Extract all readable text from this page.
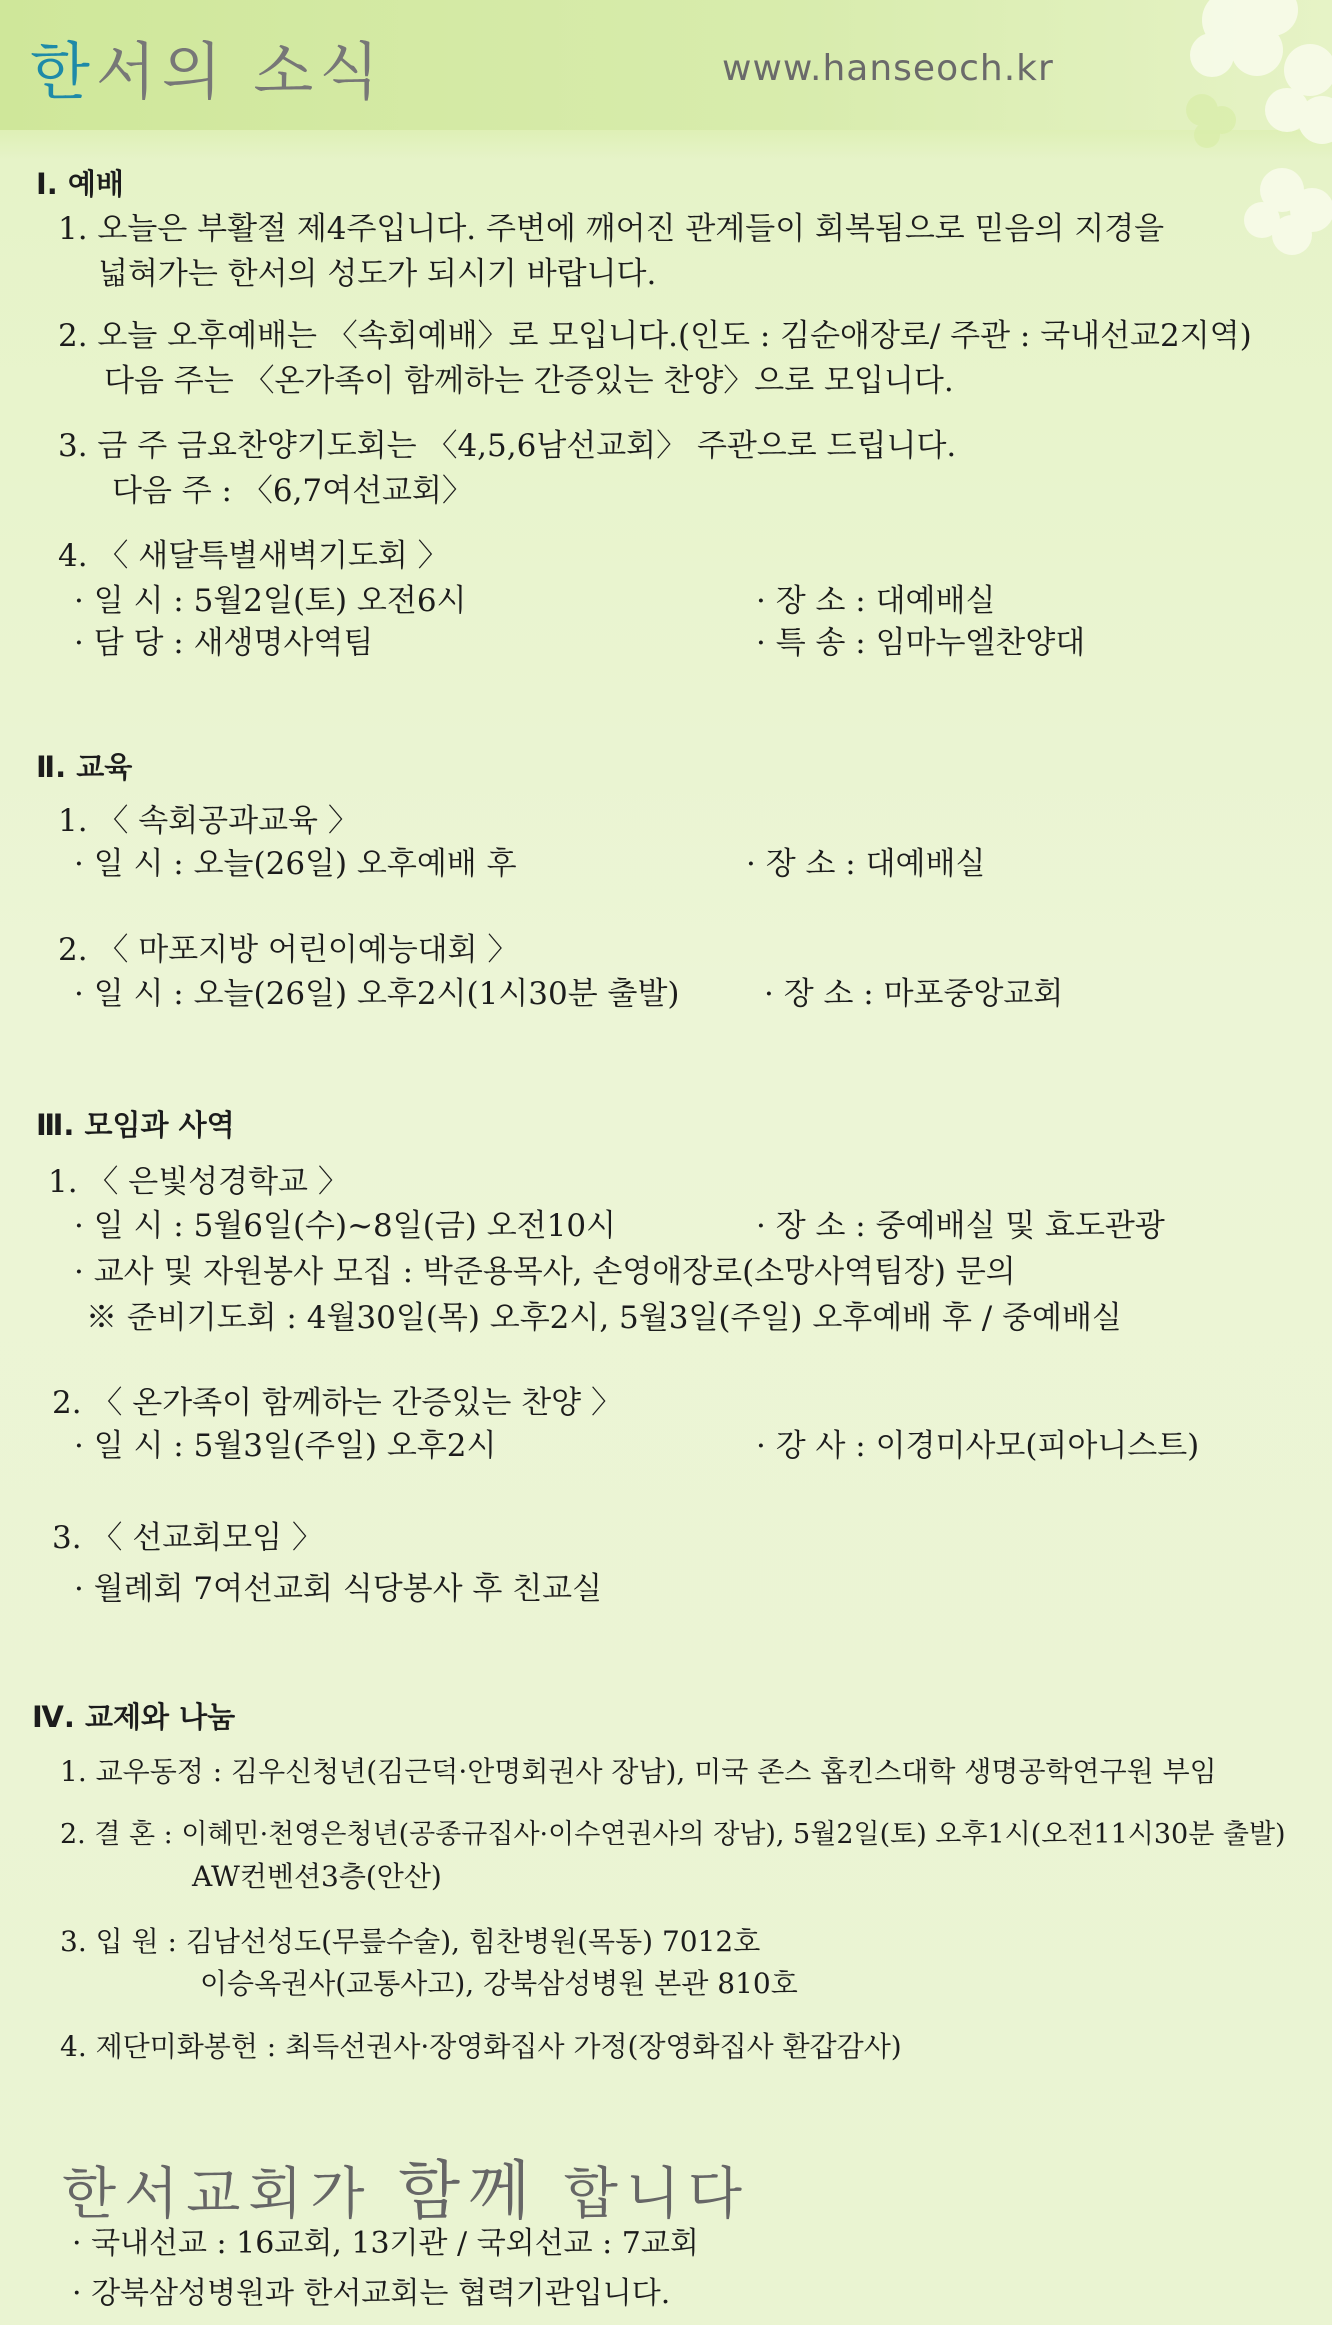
한서의 소식	www.hanseoch.kr
Ⅰ. 예배
1. 오늘은 부활절 제4주입니다. 주변에 깨어진 관계들이 회복됨으로 믿음의 지경을
넓혀가는 한서의 성도가 되시기 바랍니다.
2. 오늘 오후예배는 〈속회예배〉로 모입니다.(인도 : 김순애장로/ 주관 : 국내선교2지역)
다음 주는 〈온가족이 함께하는 간증있는 찬양〉으로 모입니다.
3. 금 주 금요찬양기도회는 〈4,5,6남선교회〉 주관으로 드립니다.
다음 주 : 〈6,7여선교회〉
4. 〈 새달특별새벽기도회 〉
· 일 시 : 5월2일(토) 오전6시	· 장 소 : 대예배실
· 담 당 : 새생명사역팀	· 특 송 : 임마누엘찬양대
Ⅱ. 교육
1. 〈 속회공과교육 〉
· 일 시 : 오늘(26일) 오후예배 후	· 장 소 : 대예배실
2. 〈 마포지방 어린이예능대회 〉
· 일 시 : 오늘(26일) 오후2시(1시30분 출발)	· 장 소 : 마포중앙교회
Ⅲ. 모임과 사역
1. 〈 은빛성경학교 〉
· 일 시 : 5월6일(수)~8일(금) 오전10시	· 장 소 : 중예배실 및 효도관광
· 교사 및 자원봉사 모집 : 박준용목사, 손영애장로(소망사역팀장) 문의
※ 준비기도회 : 4월30일(목) 오후2시, 5월3일(주일) 오후예배 후 / 중예배실
2. 〈 온가족이 함께하는 간증있는 찬양 〉
· 일 시 : 5월3일(주일) 오후2시	· 강 사 : 이경미사모(피아니스트)
3. 〈 선교회모임 〉
· 월례회 7여선교회 식당봉사 후 친교실
Ⅳ. 교제와 나눔
1. 교우동정 : 김우신청년(김근덕·안명회권사 장남), 미국 존스 홉킨스대학 생명공학연구원 부임
2. 결 혼 : 이혜민·천영은청년(공종규집사·이수연권사의 장남), 5월2일(토) 오후1시(오전11시30분 출발)
AW컨벤션3층(안산)
3. 입 원 : 김남선성도(무릎수술), 힘찬병원(목동) 7012호
이승옥권사(교통사고), 강북삼성병원 본관 810호
4. 제단미화봉헌 : 최득선권사·장영화집사 가정(장영화집사 환갑감사)
한서교회가 함께 합니다
· 국내선교 : 16교회, 13기관 / 국외선교 : 7교회
· 강북삼성병원과 한서교회는 협력기관입니다.
